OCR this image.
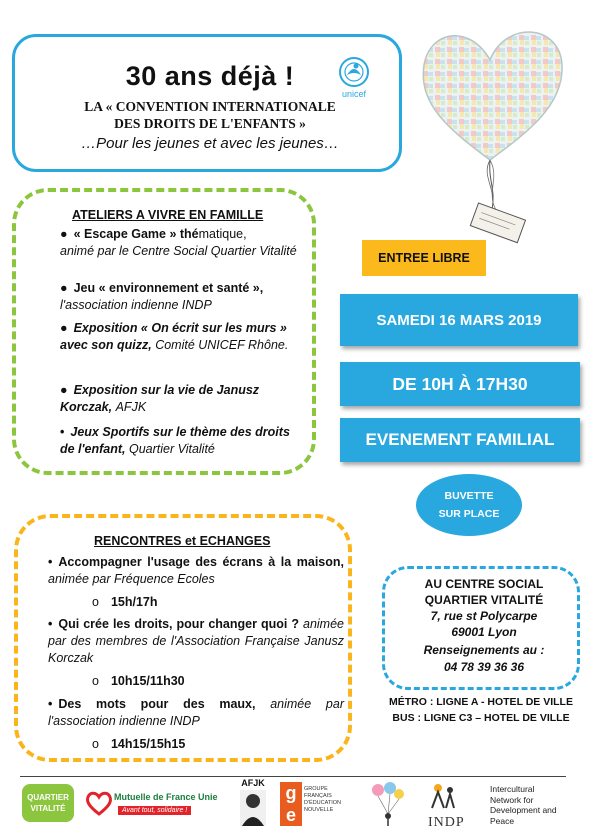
30 ans déjà !
unicef
LA « CONVENTION INTERNATIONALE
DES DROITS DE L'ENFANTS »
…Pour les jeunes et avec les jeunes…
ATELIERS A VIVRE EN FAMILLE
● « Escape Game » thématique,
animé par le Centre Social Quartier Vitalité
● Jeu « environnement et santé »,
l'association indienne INDP
● Exposition « On écrit sur les murs » avec son quizz, Comité UNICEF Rhône.
● Exposition sur la vie de Janusz Korczak, AFJK
• Jeux Sportifs sur le thème des droits de l'enfant, Quartier Vitalité
RENCONTRES et ECHANGES
• Accompagner l'usage des écrans à la maison, animée par Fréquence Ecoles
o 15h/17h
• Qui crée les droits, pour changer quoi ? animée par des membres de l'Association Française Janusz Korczak
o 10h15/11h30
• Des mots pour des maux, animée par l'association indienne INDP
o 14h15/15h15
ENTREE LIBRE
SAMEDI 16 MARS 2019
DE 10H À 17H30
EVENEMENT FAMILIAL
BUVETTE
SUR PLACE
AU CENTRE SOCIAL
QUARTIER VITALITÉ
7, rue st Polycarpe
69001 Lyon
Renseignements au :
04 78 39 36 36
MÉTRO : LIGNE A - HOTEL DE VILLE
BUS : LIGNE C3 – HOTEL DE VILLE
QUARTIER VITALITÉ
Mutuelle de France Unie
Avant tout, solidaire !
AFJK	g
e
GROUPE FRANÇAIS D'ÉDUCATION NOUVELLE
INDP
Intercultural
Network for
Development and
Peace
